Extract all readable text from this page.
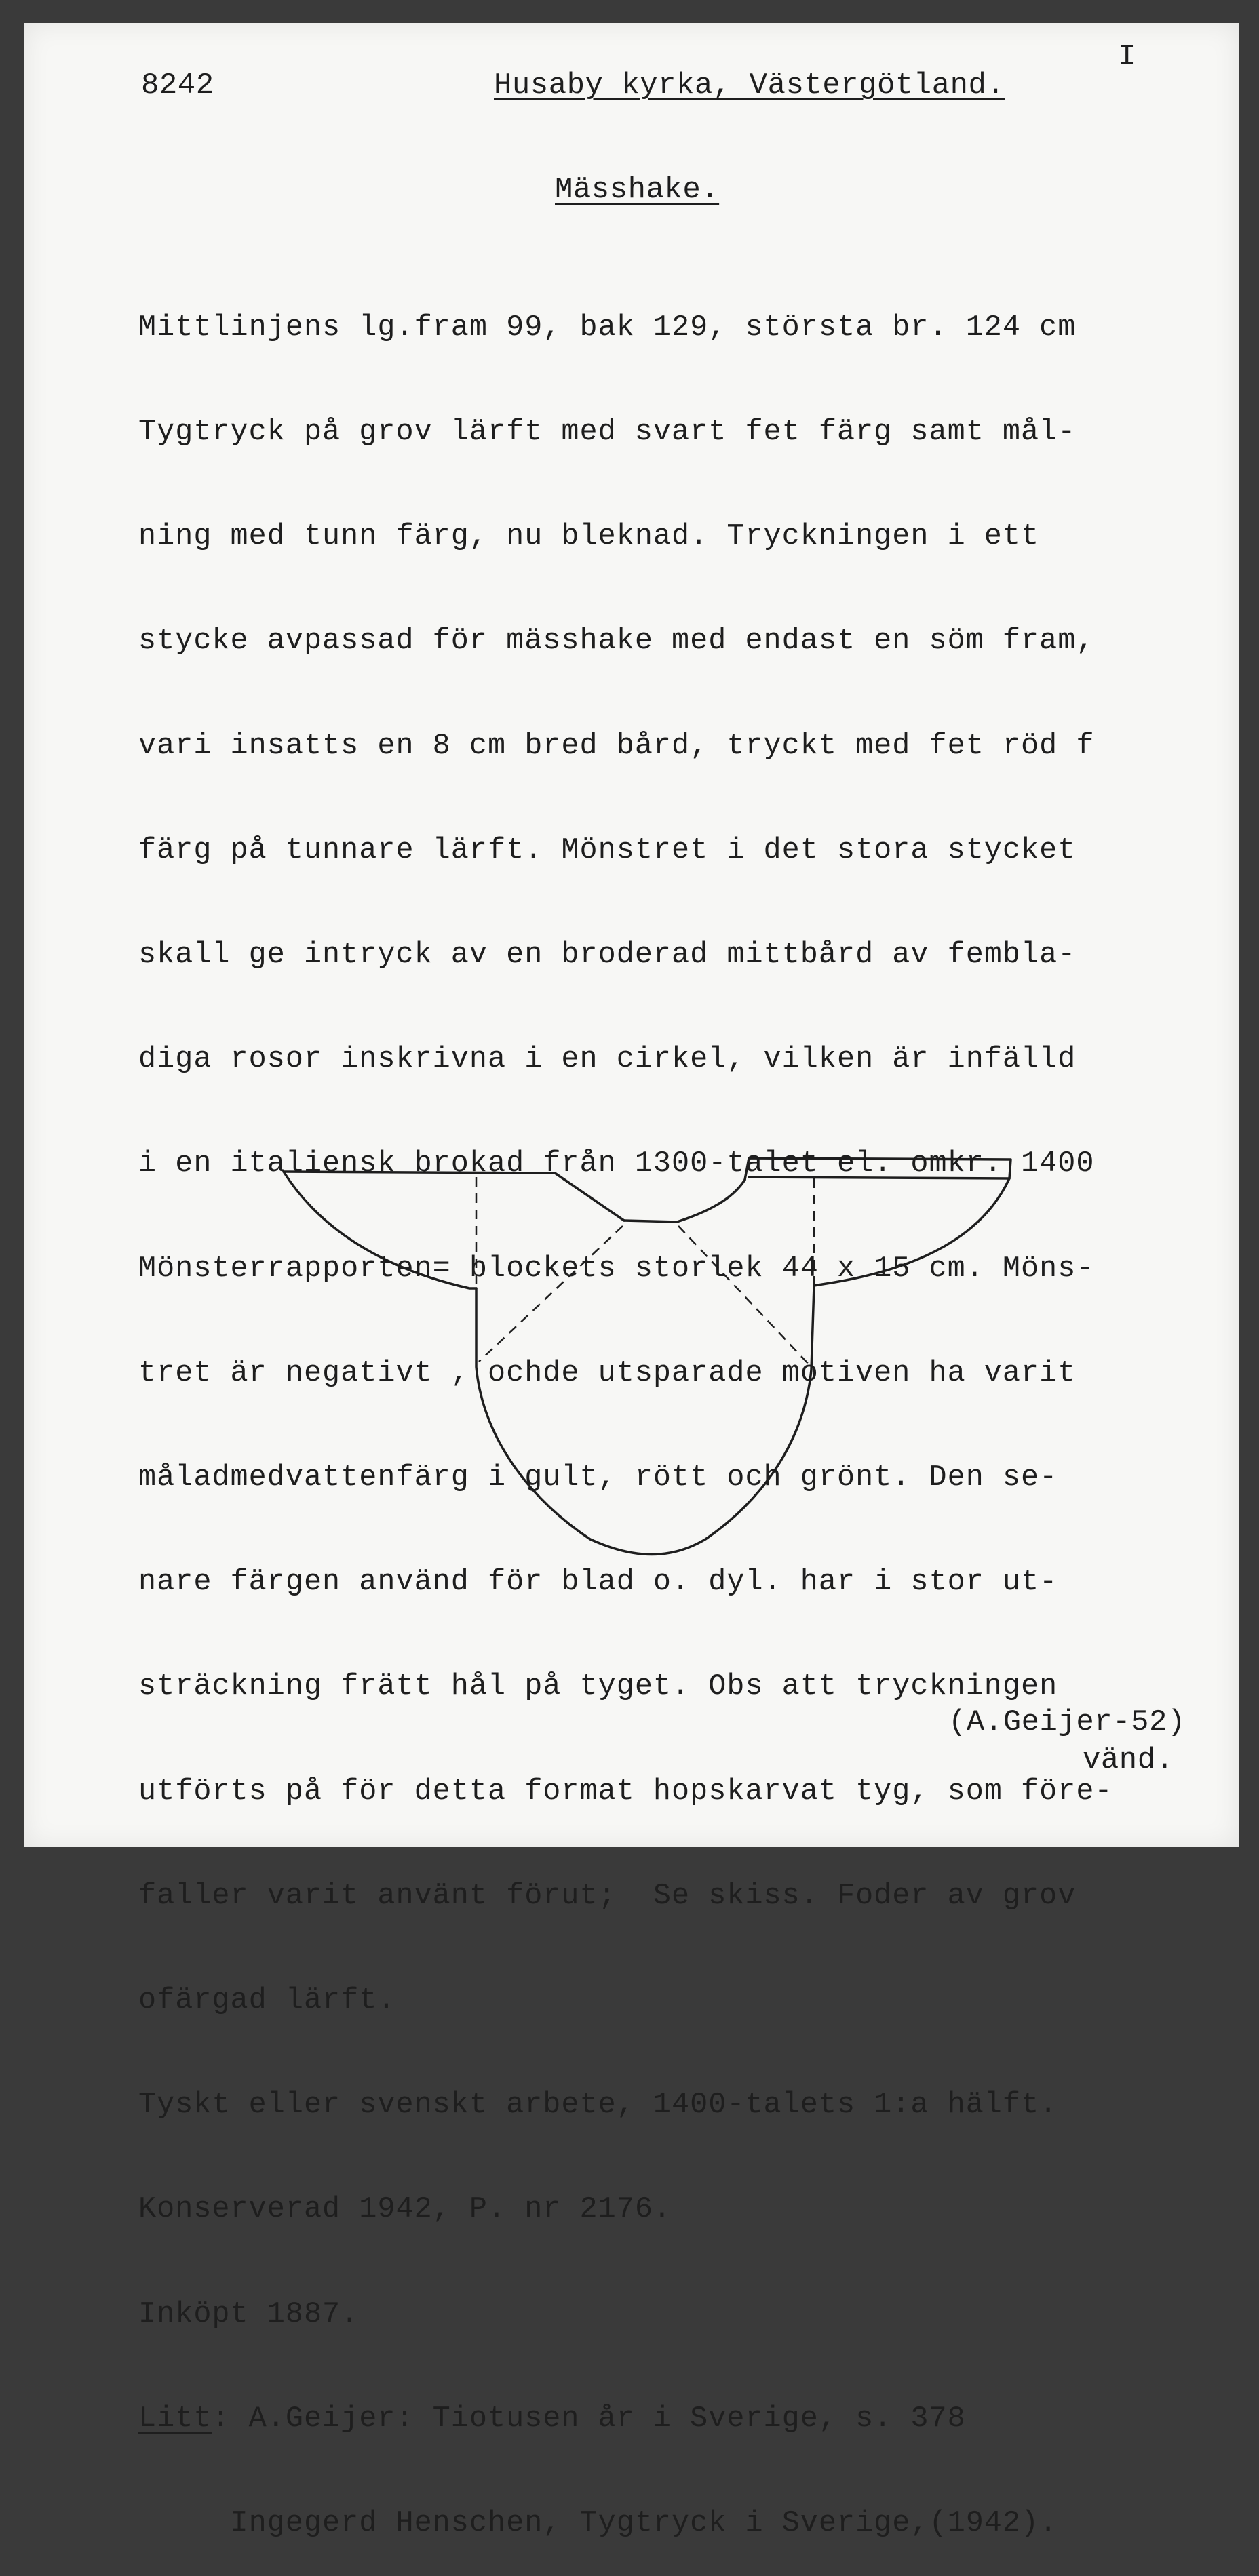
8242	Husaby kyrka, Västergötland.
I
Mässhake.

Mittlinjens lg.fram 99, bak 129, största br. 124 cm

Tygtryck på grov lärft med svart fet färg samt mål-

ning med tunn färg, nu bleknad. Tryckningen i ett

stycke avpassad för mässhake med endast en söm fram,

vari insatts en 8 cm bred bård, tryckt med fet röd f

färg på tunnare lärft. Mönstret i det stora stycket

skall ge intryck av en broderad mittbård av fembla-

diga rosor inskrivna i en cirkel, vilken är infälld

i en italiensk brokad från 1300-talet el. omkr. 1400

Mönsterrapporten= blockets storlek 44 x 15 cm. Möns-

tret är negativt , ochde utsparade motiven ha varit

måladmedvattenfärg i gult, rött och grönt. Den se-

nare färgen använd för blad o. dyl. har i stor ut-

sträckning frätt hål på tyget. Obs att tryckningen

utförts på för detta format hopskarvat tyg, som före-

faller varit använt förut;  Se skiss. Foder av grov

ofärgad lärft.

Tyskt eller svenskt arbete, 1400-talets 1:a hälft.

Konserverad 1942, P. nr 2176.

Inköpt 1887.

Litt: A.Geijer: Tiotusen år i Sverige, s. 378

Ingegerd Henschen, Tygtryck i Sverige,(1942).

(A.Geijer-52)
vänd.
